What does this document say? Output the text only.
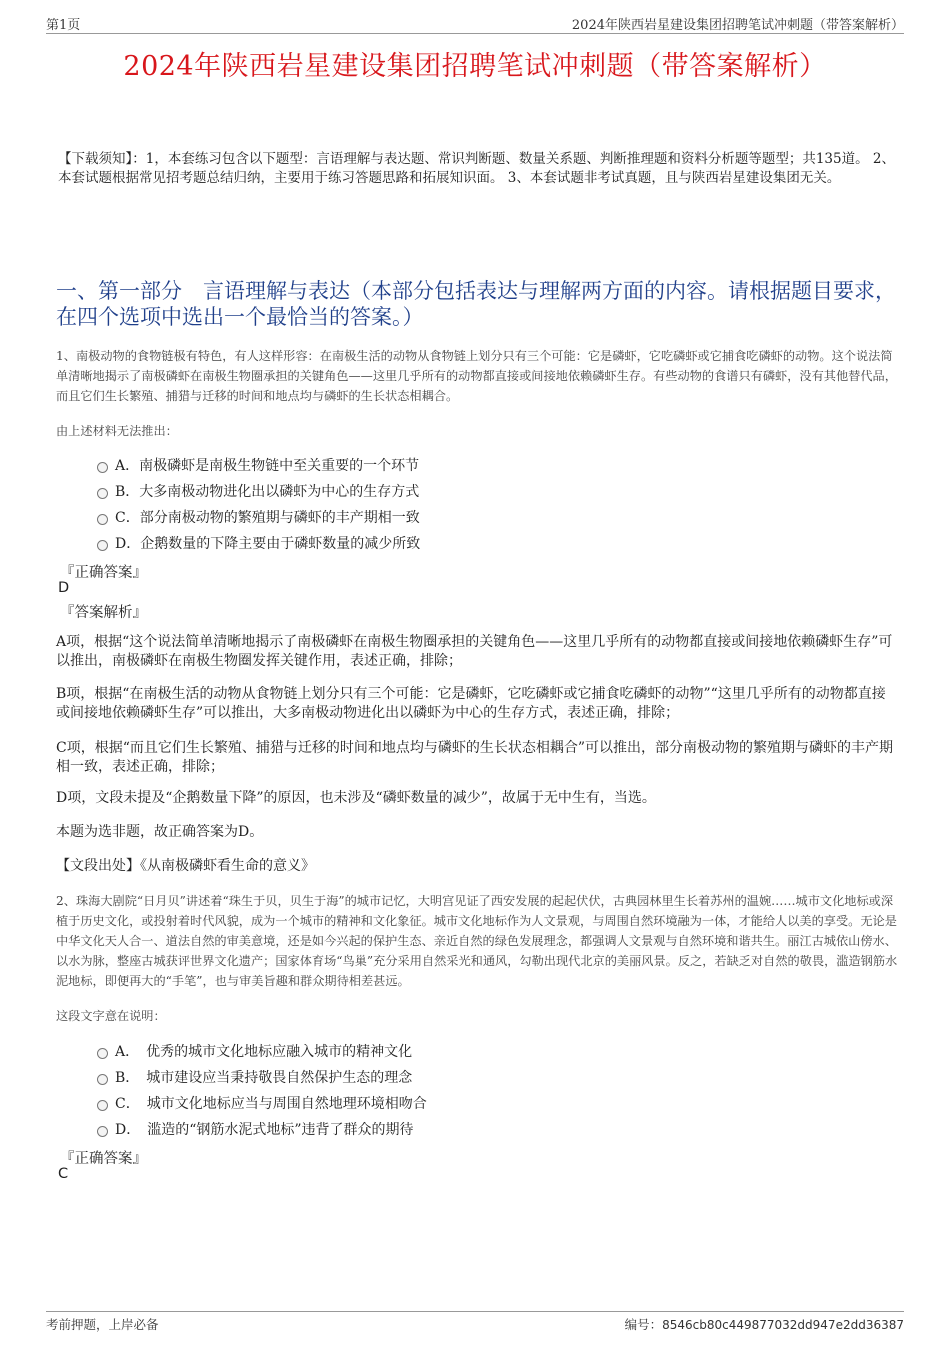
第1页	2024年陕西岩星建设集团招聘笔试冲刺题（带答案解析）
2024年陕西岩星建设集团招聘笔试冲刺题（带答案解析）
【下载须知】：1，本套练习包含以下题型：言语理解与表达题、常识判断题、数量关系题、判断推理题和资料分析题等题型；共135道。 2、本套试题根据常见招考题总结归纳，主要用于练习答题思路和拓展知识面。 3、本套试题非考试真题，且与陕西岩星建设集团无关。
一、第一部分　言语理解与表达（本部分包括表达与理解两方面的内容。请根据题目要求，在四个选项中选出一个最恰当的答案。）
1、南极动物的食物链极有特色，有人这样形容：在南极生活的动物从食物链上划分只有三个可能：它是磷虾，它吃磷虾或它捕食吃磷虾的动物。这个说法简单清晰地揭示了南极磷虾在南极生物圈承担的关键角色——这里几乎所有的动物都直接或间接地依赖磷虾生存。有些动物的食谱只有磷虾，没有其他替代品，而且它们生长繁殖、捕猎与迁移的时间和地点均与磷虾的生长状态相耦合。
由上述材料无法推出：
A．南极磷虾是南极生物链中至关重要的一个环节
B．大多南极动物进化出以磷虾为中心的生存方式
C．部分南极动物的繁殖期与磷虾的丰产期相一致
D．企鹅数量的下降主要由于磷虾数量的减少所致
『正确答案』
D
『答案解析』
A项，根据“这个说法简单清晰地揭示了南极磷虾在南极生物圈承担的关键角色——这里几乎所有的动物都直接或间接地依赖磷虾生存”可以推出，南极磷虾在南极生物圈发挥关键作用，表述正确，排除；
B项，根据“在南极生活的动物从食物链上划分只有三个可能：它是磷虾，它吃磷虾或它捕食吃磷虾的动物”“这里几乎所有的动物都直接或间接地依赖磷虾生存”可以推出，大多南极动物进化出以磷虾为中心的生存方式，表述正确，排除；
C项，根据“而且它们生长繁殖、捕猎与迁移的时间和地点均与磷虾的生长状态相耦合”可以推出，部分南极动物的繁殖期与磷虾的丰产期相一致，表述正确，排除；
D项，文段未提及“企鹅数量下降”的原因，也未涉及“磷虾数量的减少”，故属于无中生有，当选。
本题为选非题，故正确答案为D。
【文段出处】《从南极磷虾看生命的意义》
2、珠海大剧院“日月贝”讲述着“珠生于贝，贝生于海”的城市记忆，大明宫见证了西安发展的起起伏伏，古典园林里生长着苏州的温婉……城市文化地标或深植于历史文化，或投射着时代风貌，成为一个城市的精神和文化象征。城市文化地标作为人文景观，与周围自然环境融为一体，才能给人以美的享受。无论是中华文化天人合一、道法自然的审美意境，还是如今兴起的保护生态、亲近自然的绿色发展理念，都强调人文景观与自然环境和谐共生。丽江古城依山傍水、以水为脉，整座古城获评世界文化遗产；国家体育场“鸟巢”充分采用自然采光和通风，勾勒出现代北京的美丽风景。反之，若缺乏对自然的敬畏，滥造钢筋水泥地标，即便再大的“手笔”，也与审美旨趣和群众期待相差甚远。
这段文字意在说明：
A．　优秀的城市文化地标应融入城市的精神文化
B．　城市建设应当秉持敬畏自然保护生态的理念
C．　城市文化地标应当与周围自然地理环境相吻合
D．　滥造的“钢筋水泥式地标”违背了群众的期待
『正确答案』
C
考前押题，上岸必备	编号：8546cb80c449877032dd947e2dd36387
